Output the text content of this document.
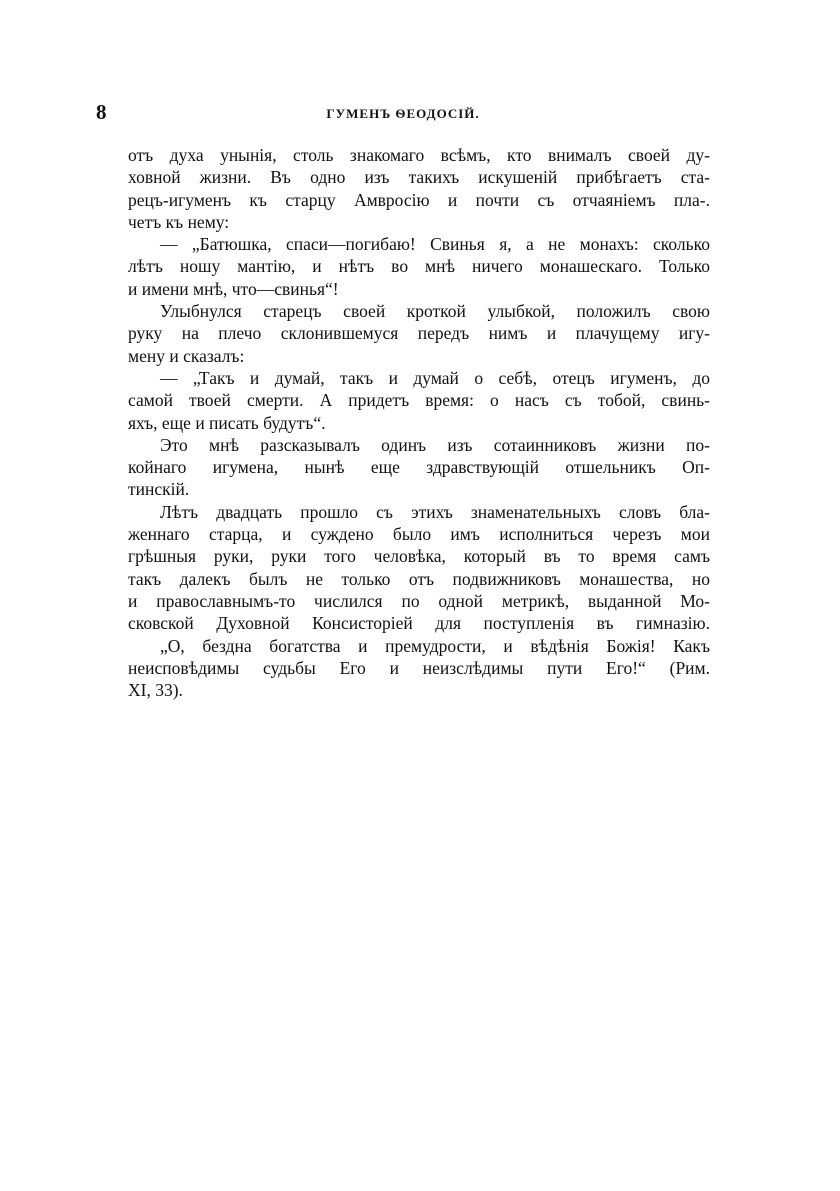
8	ГУМЕНЪ ѲЕОДОСІЙ.
отъ духа унынія, столь знакомаго всѣмъ, кто внималъ своей ду-
ховной жизни. Въ одно изъ такихъ искушеній прибѣгаетъ ста-
рецъ-игуменъ къ старцу Амвросію и почти съ отчаяніемъ пла-.
четъ къ нему:
— „Батюшка, спаси—погибаю! Свинья я, а не монахъ: сколько
лѣтъ ношу мантію, и нѣтъ во мнѣ ничего монашескаго. Только
и имени мнѣ, что—свинья“!
Улыбнулся старецъ своей кроткой улыбкой, положилъ свою
руку на плечо склонившемуся передъ нимъ и плачущему игу-
мену и сказалъ:
— „Такъ и думай, такъ и думай о себѣ, отецъ игуменъ, до
самой твоей смерти. А придетъ время: о насъ съ тобой, свинь-
яхъ, еще и писать будутъ“.
Это мнѣ разсказывалъ одинъ изъ сотаинниковъ жизни по-
койнаго игумена, нынѣ еще здравствующій отшельникъ Оп-
тинскій.
Лѣтъ двадцать прошло съ этихъ знаменательныхъ словъ бла-
женнаго старца, и суждено было имъ исполниться черезъ мои
грѣшныя руки, руки того человѣка, который въ то время самъ
такъ далекъ былъ не только отъ подвижниковъ монашества, но
и православнымъ-то числился по одной метрикѣ, выданной Мо-
сковской Духовной Консисторіей для поступленія въ гимназію.
„О, бездна богатства и премудрости, и вѣдѣнія Божія! Какъ
неисповѣдимы судьбы Его и неизслѣдимы пути Его!“ (Рим.
XI, 33).
